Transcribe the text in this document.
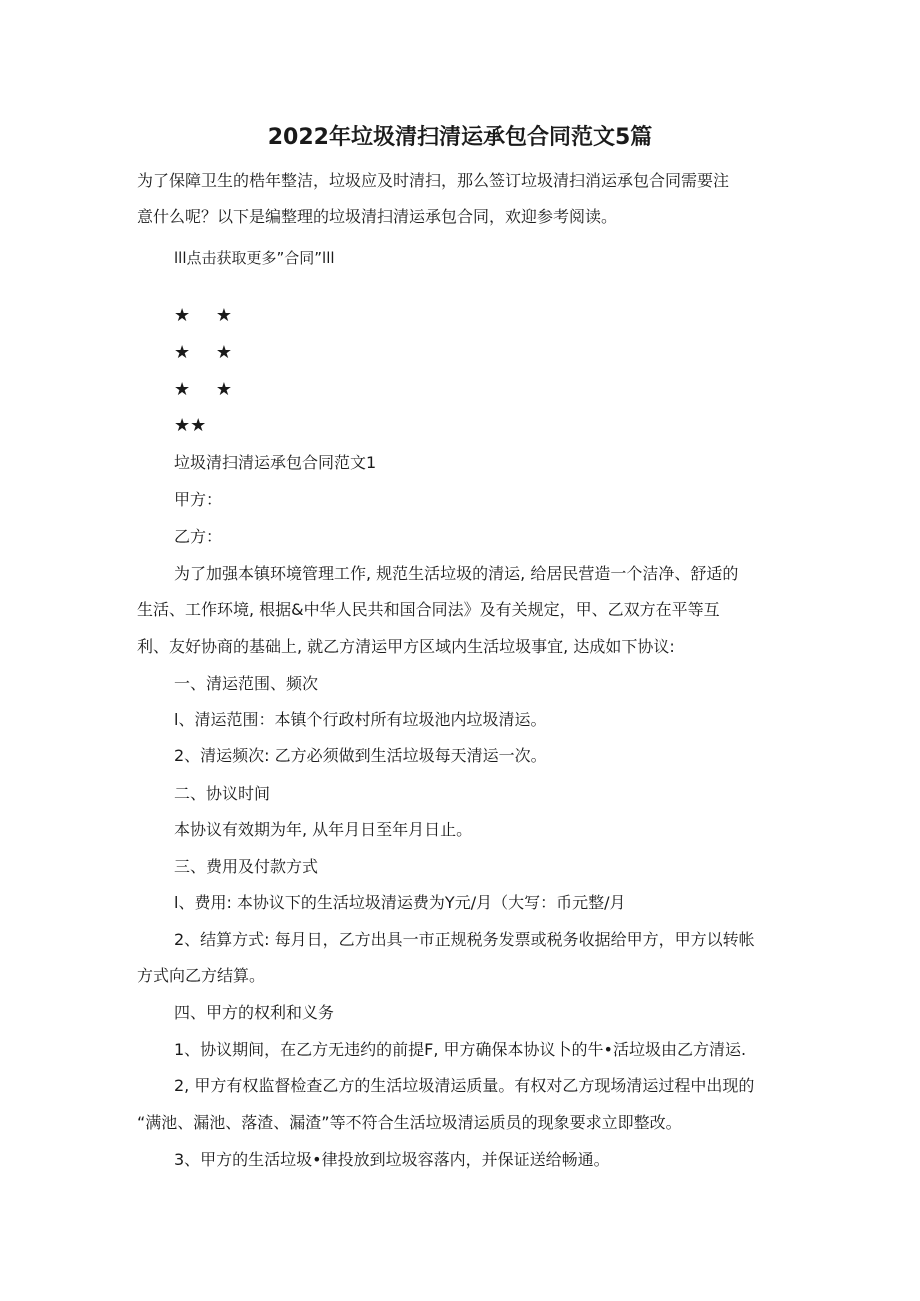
2022年垃圾清扫清运承包合同范文5篇
为了保障卫生的梏年整洁，垃圾应及时清扫，那么签订垃圾清扫消运承包合同需要注
意什么呢？以下是编整理的垃圾清扫清运承包合同，欢迎参考阅读。
lll点击获取更多”合同”lll
★ ★
★ ★
★ ★
★★
垃圾清扫清运承包合同范文1
甲方：
乙方：
为了加强本镇环境管理工作, 规范生活垃圾的清运, 给居民营造一个洁净、舒适的
生活、工作环境, 根据&中华人民共和国合同法》及有关规定，甲、乙双方在平等互
利、友好协商的基础上, 就乙方清运甲方区域内生活垃圾事宜, 达成如下协议:
一、清运范围、频次
l、清运范围：本镇个行政村所有垃圾池内垃圾清运。
2、清运频次: 乙方必须做到生活垃圾每天清运一次。
二、协议时间
本协议有效期为年, 从年月日至年月日止。
三、费用及付款方式
l、费用: 本协议下的生活垃圾清运费为Y元/月（大写：币元整/月
2、结算方式: 每月日，乙方出具一市正规税务发票或税务收据给甲方，甲方以转帐
方式向乙方结算。
四、甲方的权利和义务
1、协议期间，在乙方无违约的前提F, 甲方确保本协议卜的牛•活垃圾由乙方清运.
2, 甲方有权监督检查乙方的生活垃圾清运质量。有权对乙方现场清运过程中出现的
“满池、漏池、落渣、漏渣”等不符合生活垃圾清运质员的现象要求立即整改。
3、甲方的生活垃圾•律投放到垃圾容落内，并保证送给畅通。
